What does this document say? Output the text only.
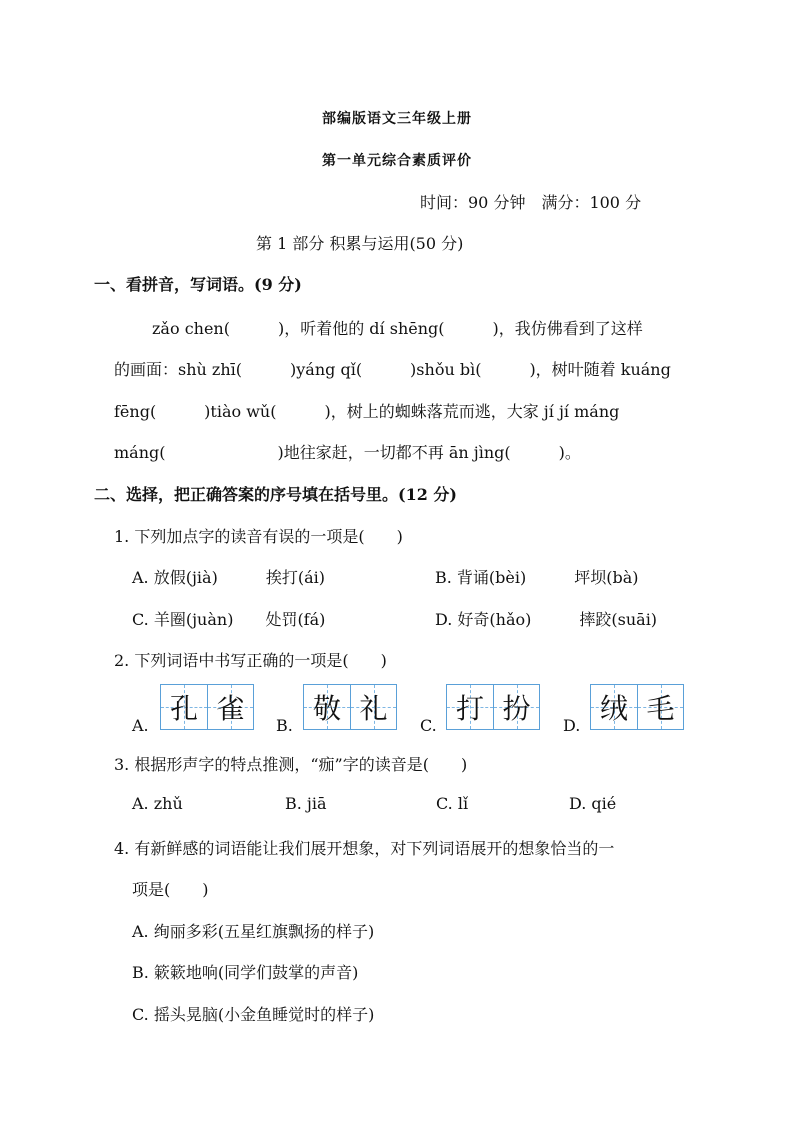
部编版语文三年级上册
第一单元综合素质评价
时间：90 分钟　满分：100 分
第 1 部分 积累与运用(50 分)
一、看拼音，写词语。(9 分)
zǎo chen(　　　)，听着他的 dí shēng(　　　)，我仿佛看到了这样
的画面：shù zhī(　　　)yáng qǐ(　　　)shǒu bì(　　　)，树叶随着 kuáng
fēng(　　　)tiào wǔ(　　　)，树上的蜘蛛落荒而逃，大家 jí jí máng
máng(　　　　　　　)地往家赶，一切都不再 ān jìng(　　　)。
二、选择，把正确答案的序号填在括号里。(12 分)
1. 下列加点字的读音有误的一项是(　　)
A. 放假(jià)　　　挨打(ái)	B. 背诵(bèi)　　　坪坝(bà)
C. 羊圈(juàn)　　处罚(fá)	D. 好奇(hǎo)　　　摔跤(suāi)
2. 下列词语中书写正确的一项是(　　)
A.
孔 雀
B.
敬 礼
C.
打 扮
D.
绒 毛
3. 根据形声字的特点推测，“痂”字的读音是(　　)
A. zhǔ	B. jiā	C. lǐ	D. qié
4. 有新鲜感的词语能让我们展开想象，对下列词语展开的想象恰当的一
项是(　　)
A. 绚丽多彩(五星红旗飘扬的样子)
B. 簌簌地响(同学们鼓掌的声音)
C. 摇头晃脑(小金鱼睡觉时的样子)
